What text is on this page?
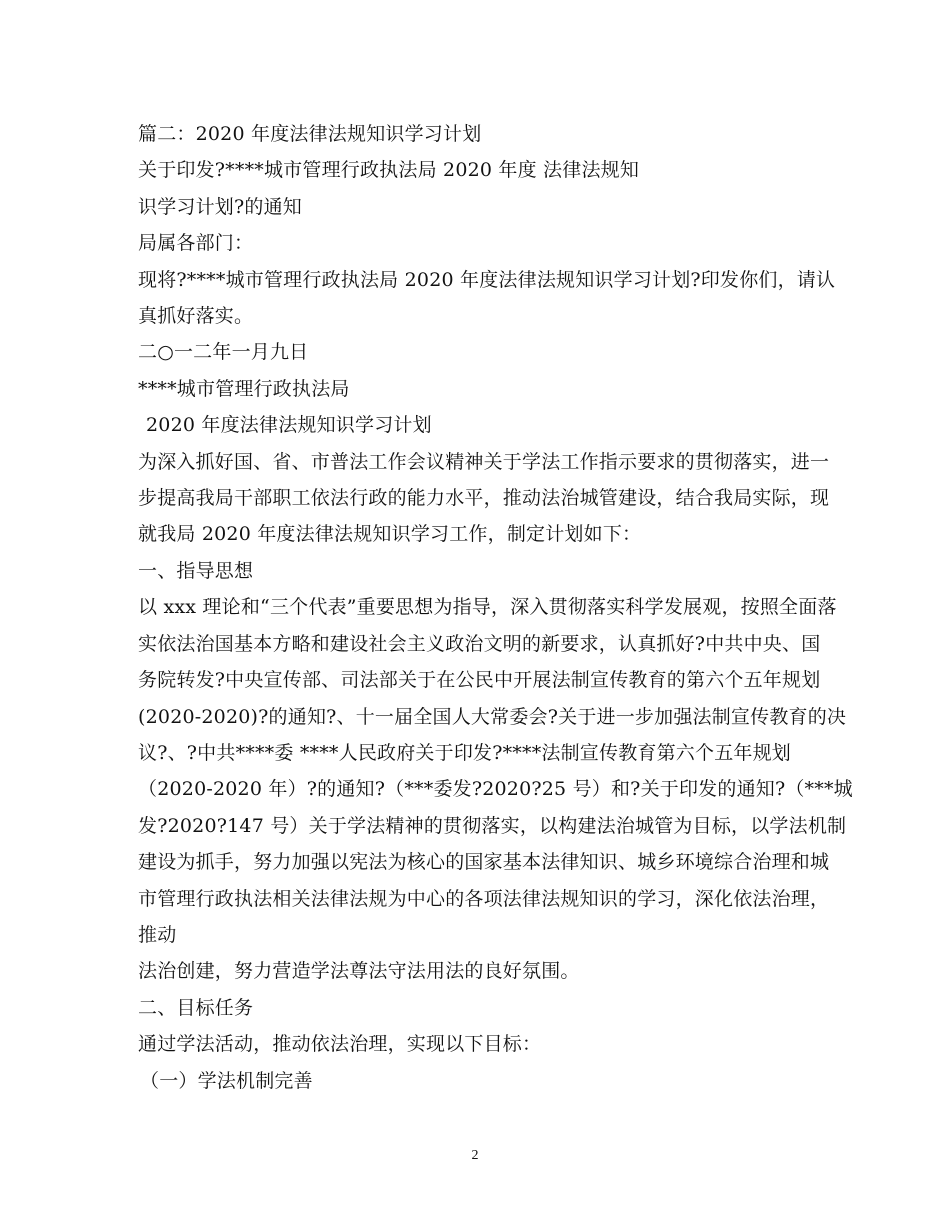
篇二：2020 年度法律法规知识学习计划
关于印发?****城市管理行政执法局 2020 年度 法律法规知
识学习计划?的通知
局属各部门：
现将?****城市管理行政执法局 2020 年度法律法规知识学习计划?印发你们，请认
真抓好落实。
二○一二年一月九日
****城市管理行政执法局
2020 年度法律法规知识学习计划
为深入抓好国、省、市普法工作会议精神关于学法工作指示要求的贯彻落实，进一
步提高我局干部职工依法行政的能力水平，推动法治城管建设，结合我局实际，现
就我局 2020 年度法律法规知识学习工作，制定计划如下：
一、指导思想
以 xxx 理论和“三个代表”重要思想为指导，深入贯彻落实科学发展观，按照全面落
实依法治国基本方略和建设社会主义政治文明的新要求，认真抓好?中共中央、国
务院转发?中央宣传部、司法部关于在公民中开展法制宣传教育的第六个五年规划
(2020-2020)?的通知?、十一届全国人大常委会?关于进一步加强法制宣传教育的决
议?、?中共****委 ****人民政府关于印发?****法制宣传教育第六个五年规划
（2020-2020 年）?的通知?（***委发?2020?25 号）和?关于印发的通知?（***城
发?2020?147 号）关于学法精神的贯彻落实，以构建法治城管为目标，以学法机制
建设为抓手，努力加强以宪法为核心的国家基本法律知识、城乡环境综合治理和城
市管理行政执法相关法律法规为中心的各项法律法规知识的学习，深化依法治理，
推动
法治创建，努力营造学法尊法守法用法的良好氛围。
二、目标任务
通过学法活动，推动依法治理，实现以下目标：
（一）学法机制完善
2
